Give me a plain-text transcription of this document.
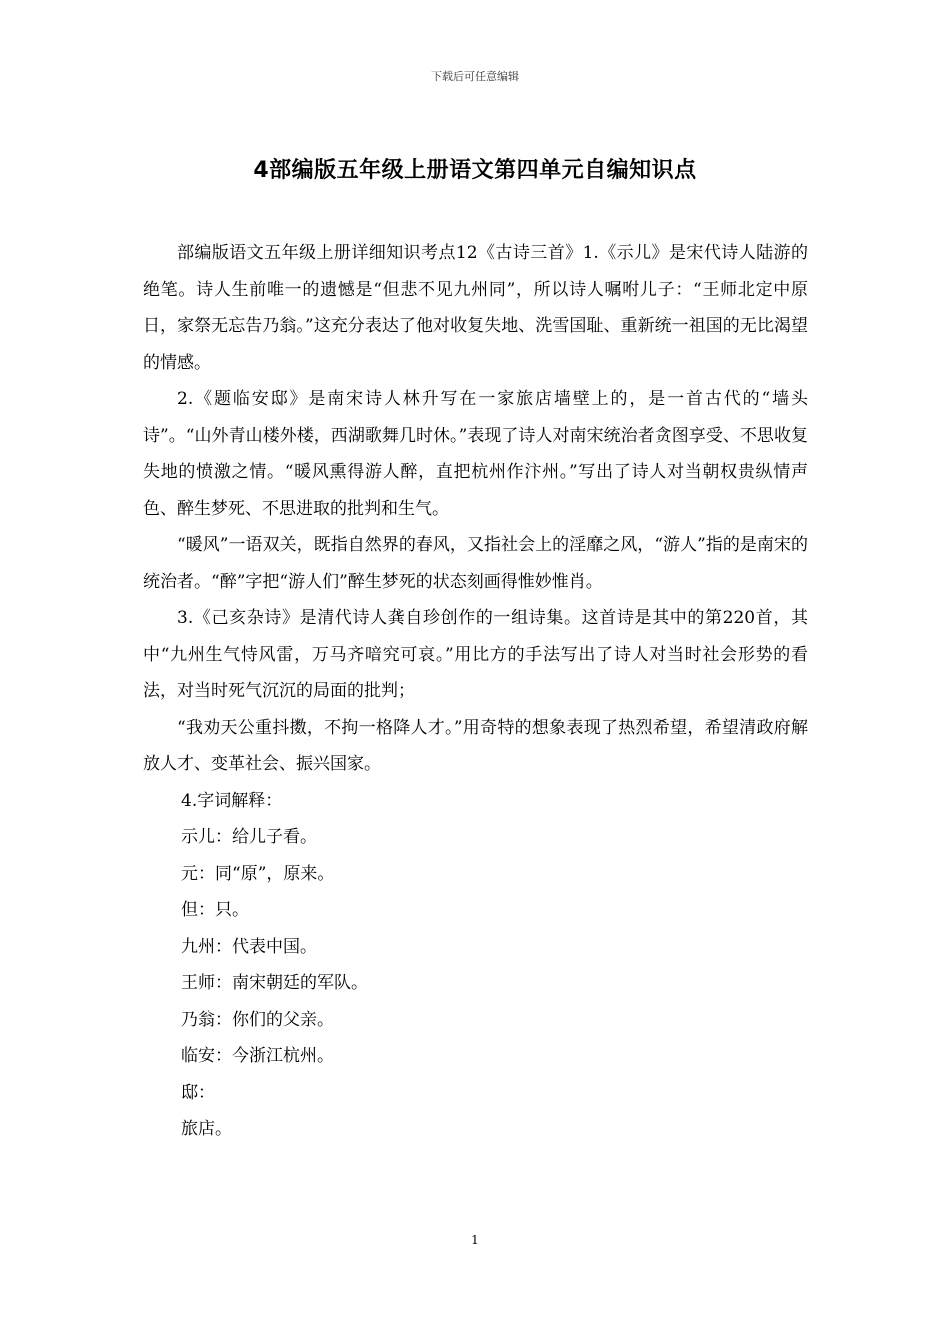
下载后可任意编辑
4部编版五年级上册语文第四单元自编知识点

部编版语文五年级上册详细知识考点12《古诗三首》1.《示儿》是宋代诗人陆游的绝笔。诗人生前唯一的遗憾是“但悲不见九州同”，所以诗人嘱咐儿子：“王师北定中原日，家祭无忘告乃翁。”这充分表达了他对收复失地、洗雪国耻、重新统一祖国的无比渴望的情感。

2.《题临安邸》是南宋诗人林升写在一家旅店墙壁上的，是一首古代的“墙头诗”。“山外青山楼外楼，西湖歌舞几时休。”表现了诗人对南宋统治者贪图享受、不思收复失地的愤激之情。“暖风熏得游人醉，直把杭州作汴州。”写出了诗人对当朝权贵纵情声色、醉生梦死、不思进取的批判和生气。

“暖风”一语双关，既指自然界的春风，又指社会上的淫靡之风，“游人”指的是南宋的统治者。“醉”字把“游人们”醉生梦死的状态刻画得惟妙惟肖。

3.《己亥杂诗》是清代诗人龚自珍创作的一组诗集。这首诗是其中的第220首，其中“九州生气恃风雷，万马齐喑究可哀。”用比方的手法写出了诗人对当时社会形势的看法，对当时死气沉沉的局面的批判；

“我劝天公重抖擞，不拘一格降人才。”用奇特的想象表现了热烈希望，希望清政府解放人才、变革社会、振兴国家。

4.字词解释：

示儿：给儿子看。

元：同“原”，原来。

但：只。

九州：代表中国。

王师：南宋朝廷的军队。

乃翁：你们的父亲。

临安：今浙江杭州。

邸：

旅店。

1
